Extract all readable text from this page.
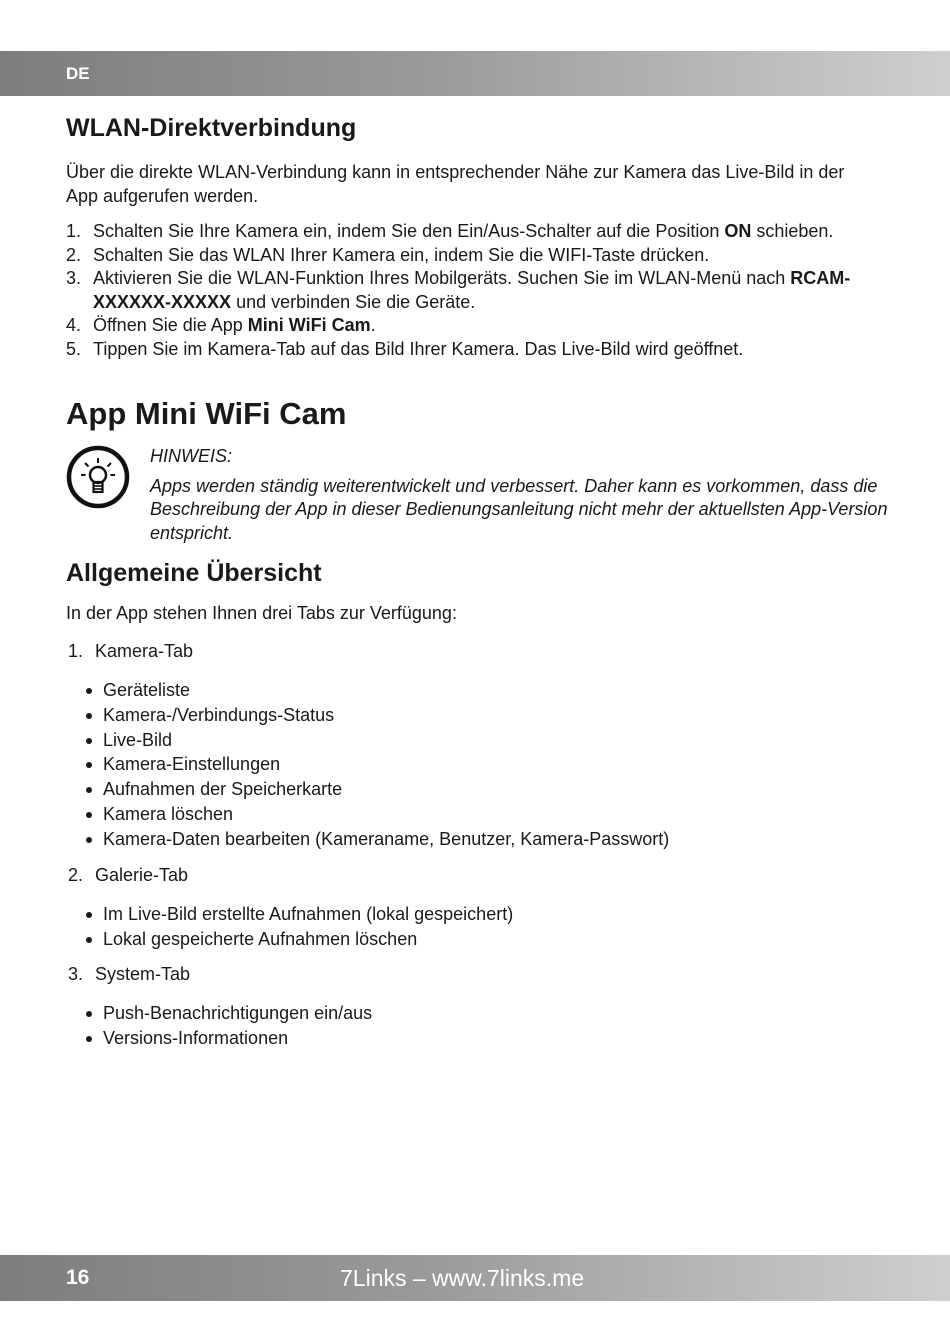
DE
WLAN-Direktverbindung

Über die direkte WLAN-Verbindung kann in entsprechender Nähe zur Kamera das Live-Bild in der App aufgerufen werden.

1. Schalten Sie Ihre Kamera ein, indem Sie den Ein/Aus-Schalter auf die Position ON schieben.
2. Schalten Sie das WLAN Ihrer Kamera ein, indem Sie die WIFI-Taste drücken.
3. Aktivieren Sie die WLAN-Funktion Ihres Mobilgeräts. Suchen Sie im WLAN-Menü nach RCAM-XXXXXX-XXXXX und verbinden Sie die Geräte.
4. Öffnen Sie die App Mini WiFi Cam.
5. Tippen Sie im Kamera-Tab auf das Bild Ihrer Kamera. Das Live-Bild wird geöffnet.
App Mini WiFi Cam
HINWEIS:
Apps werden ständig weiterentwickelt und verbessert. Daher kann es vorkommen, dass die Beschreibung der App in dieser Bedienungsanleitung nicht mehr der aktuellsten App-Version entspricht.
Allgemeine Übersicht

In der App stehen Ihnen drei Tabs zur Verfügung:

1. Kamera-Tab
Geräteliste
Kamera-/Verbindungs-Status
Live-Bild
Kamera-Einstellungen
Aufnahmen der Speicherkarte
Kamera löschen
Kamera-Daten bearbeiten (Kameraname, Benutzer, Kamera-Passwort)
2. Galerie-Tab
Im Live-Bild erstellte Aufnahmen (lokal gespeichert)
Lokal gespeicherte Aufnahmen löschen
3. System-Tab
Push-Benachrichtigungen ein/aus
Versions-Informationen
16	7Links – www.7links.me
